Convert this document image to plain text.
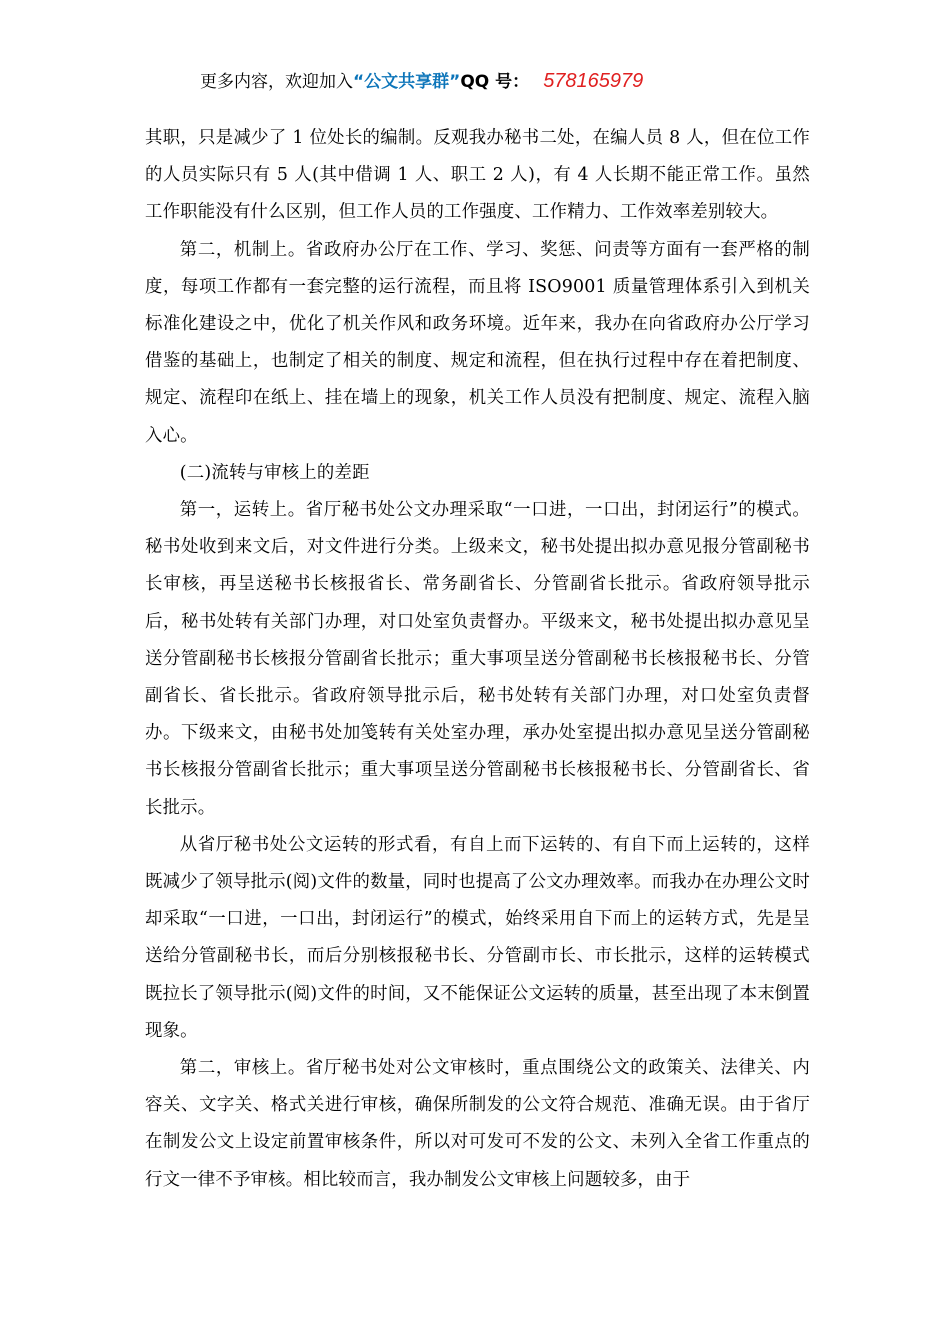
更多内容，欢迎加入“公文共享群”QQ 号： 578165979

其职，只是减少了 1 位处长的编制。反观我办秘书二处，在编人员 8 人，但在位工作的人员实际只有 5 人(其中借调 1 人、职工 2 人)，有 4 人长期不能正常工作。虽然工作职能没有什么区别，但工作人员的工作强度、工作精力、工作效率差别较大。

第二，机制上。省政府办公厅在工作、学习、奖惩、问责等方面有一套严格的制度，每项工作都有一套完整的运行流程，而且将 ISO9001 质量管理体系引入到机关标准化建设之中，优化了机关作风和政务环境。近年来，我办在向省政府办公厅学习借鉴的基础上，也制定了相关的制度、规定和流程，但在执行过程中存在着把制度、规定、流程印在纸上、挂在墙上的现象，机关工作人员没有把制度、规定、流程入脑入心。

(二)流转与审核上的差距

第一，运转上。省厅秘书处公文办理采取“一口进，一口出，封闭运行”的模式。秘书处收到来文后，对文件进行分类。上级来文，秘书处提出拟办意见报分管副秘书长审核，再呈送秘书长核报省长、常务副省长、分管副省长批示。省政府领导批示后，秘书处转有关部门办理，对口处室负责督办。平级来文，秘书处提出拟办意见呈送分管副秘书长核报分管副省长批示；重大事项呈送分管副秘书长核报秘书长、分管副省长、省长批示。省政府领导批示后，秘书处转有关部门办理，对口处室负责督办。下级来文，由秘书处加笺转有关处室办理，承办处室提出拟办意见呈送分管副秘书长核报分管副省长批示；重大事项呈送分管副秘书长核报秘书长、分管副省长、省长批示。

从省厅秘书处公文运转的形式看，有自上而下运转的、有自下而上运转的，这样既减少了领导批示(阅)文件的数量，同时也提高了公文办理效率。而我办在办理公文时却采取“一口进，一口出，封闭运行”的模式，始终采用自下而上的运转方式，先是呈送给分管副秘书长，而后分别核报秘书长、分管副市长、市长批示，这样的运转模式既拉长了领导批示(阅)文件的时间，又不能保证公文运转的质量，甚至出现了本末倒置现象。

第二，审核上。省厅秘书处对公文审核时，重点围绕公文的政策关、法律关、内容关、文字关、格式关进行审核，确保所制发的公文符合规范、准确无误。由于省厅在制发公文上设定前置审核条件，所以对可发可不发的公文、未列入全省工作重点的行文一律不予审核。相比较而言，我办制发公文审核上问题较多，由于
